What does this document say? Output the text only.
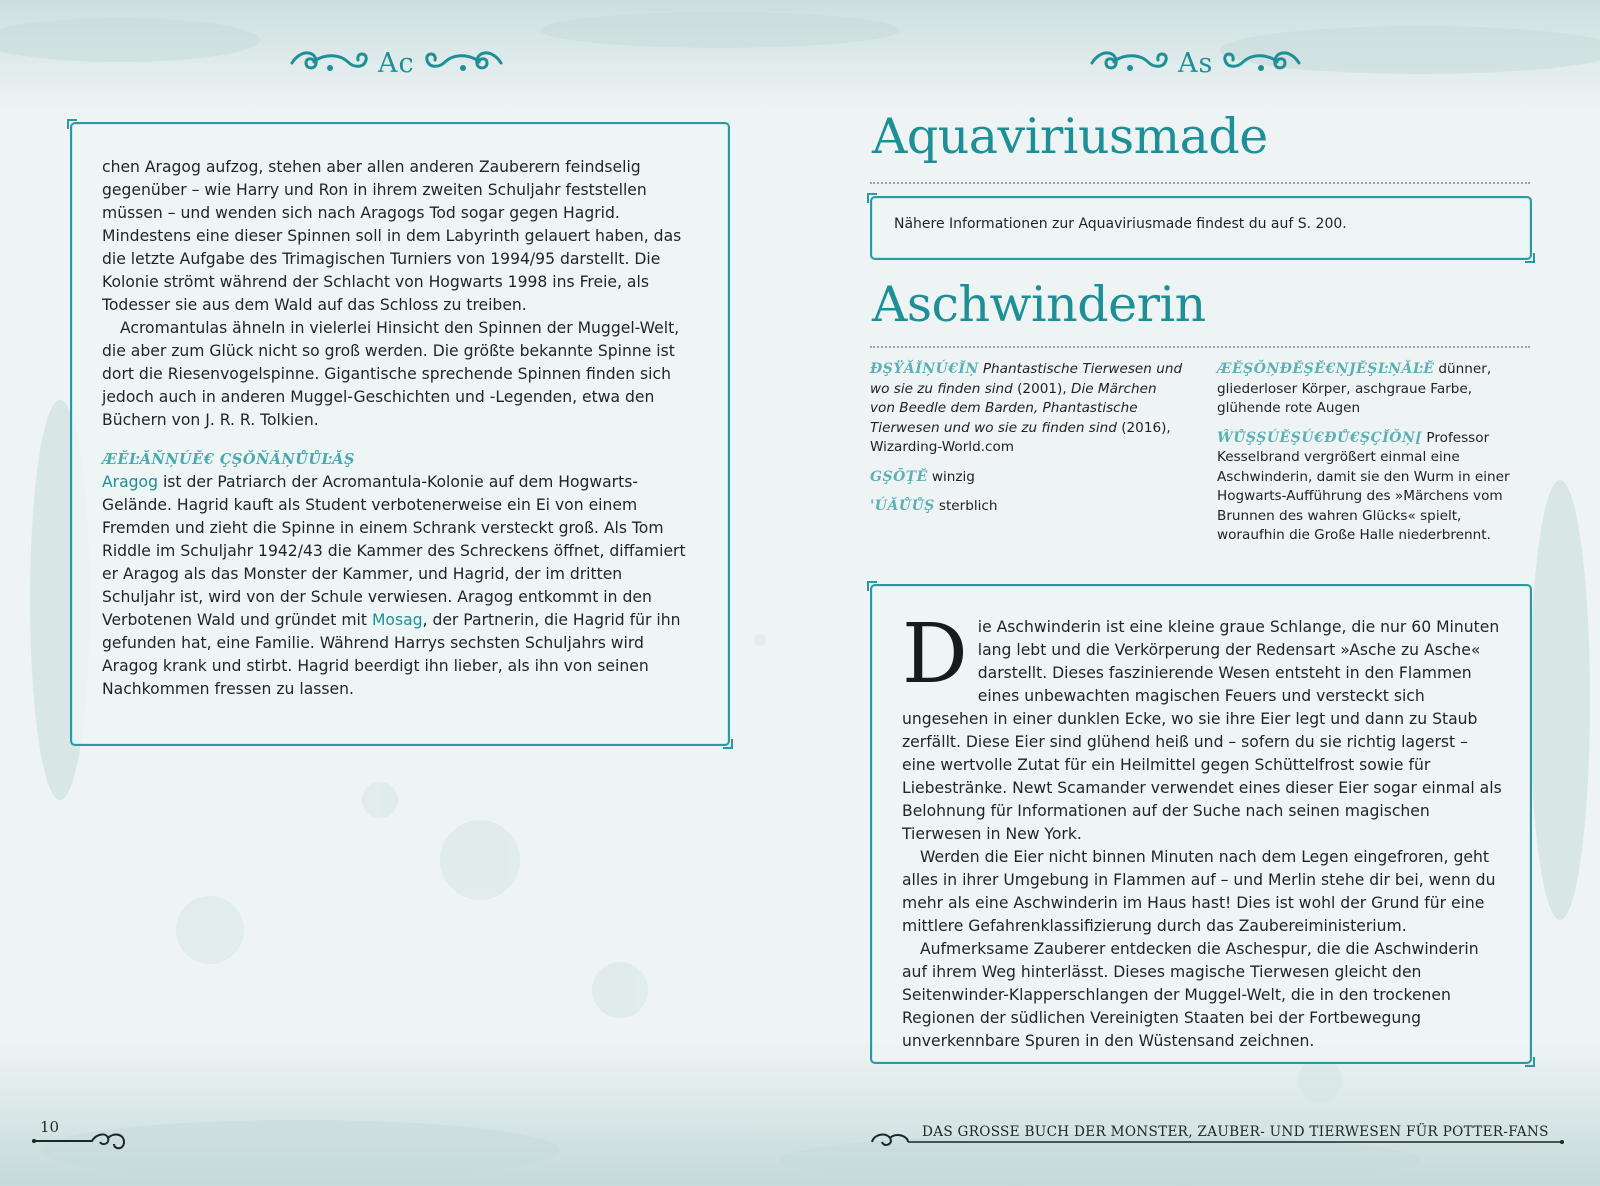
Ac

chen Aragog aufzog, stehen aber allen anderen Zauberern feindselig gegenüber – wie Harry und Ron in ihrem zweiten Schuljahr feststellen müssen – und wenden sich nach Aragogs Tod sogar gegen Hagrid. Mindestens eine dieser Spinnen soll in dem Labyrinth gelauert haben, das die letzte Aufgabe des Trimagischen Turniers von 1994/95 darstellt. Die Kolonie strömt während der Schlacht von Hogwarts 1998 ins Freie, als Todesser sie aus dem Wald auf das Schloss zu treiben.

Acromantulas ähneln in vielerlei Hinsicht den Spinnen der Muggel-Welt, die aber zum Glück nicht so groß werden. Die größte bekannte Spinne ist dort die Riesenvogelspinne. Gigantische sprechende Spinnen finden sich jedoch auch in anderen Muggel-Geschichten und -Legenden, etwa den Büchern von J. R. R. Tolkien.

ÆĔĿĂŇŅÚĔ€ ÇŞŎŇĂŅŮŮĿĂŞ

Aragog ist der Patriarch der Acromantula-Kolonie auf dem Hogwarts-Gelände. Hagrid kauft als Student verbotenerweise ein Ei von einem Fremden und zieht die Spinne in einem Schrank versteckt groß. Als Tom Riddle im Schuljahr 1942/43 die Kammer des Schreckens öffnet, diffamiert er Aragog als das Monster der Kammer, und Hagrid, der im dritten Schuljahr ist, wird von der Schule verwiesen. Aragog entkommt in den Verbotenen Wald und gründet mit Mosag, der Partnerin, die Hagrid für ihn gefunden hat, eine Familie. Während Harrys sechsten Schuljahrs wird Aragog krank und stirbt. Hagrid beerdigt ihn lieber, als ihn von seinen Nachkommen fressen zu lassen.

10
As
Aquaviriusmade
Nähere Informationen zur Aquaviriusmade findest du auf S. 200.
Aschwinderin
ĐŞŸĂĬŅÚ€ĬŅ Phantastische Tierwesen und wo sie zu finden sind (2001), Die Märchen von Beedle dem Barden, Phantastische Tierwesen und wo sie zu finden sind (2016), Wizarding-World.com
GŞŌŢĔ winzig
'ÚĂŮŮŞ sterblich
ÆĔŞŎŅĐĔŞĔ€ŅJĔŞĿŅĂĿĔ dünner, gliederloser Körper, aschgraue Farbe, glühende rote Augen
ŴŮŞŞÚĔŞÚ€ĐŮ€ŞÇĬŎŅ[ Professor Kesselbrand vergrößert einmal eine Aschwinderin, damit sie den Wurm in einer Hogwarts-Aufführung des »Märchens vom Brunnen des wahren Glücks« spielt, woraufhin die Große Halle niederbrennt.

Die Aschwinderin ist eine kleine graue Schlange, die nur 60 Minuten lang lebt und die Verkörperung der Redensart »Asche zu Asche« darstellt. Dieses faszinierende Wesen entsteht in den Flammen eines unbewachten magischen Feuers und versteckt sich ungesehen in einer dunklen Ecke, wo sie ihre Eier legt und dann zu Staub zerfällt. Diese Eier sind glühend heiß und – sofern du sie richtig lagerst – eine wertvolle Zutat für ein Heilmittel gegen Schüttelfrost sowie für Liebestränke. Newt Scamander verwendet eines dieser Eier sogar einmal als Belohnung für Informationen auf der Suche nach seinen magischen Tierwesen in New York.

Werden die Eier nicht binnen Minuten nach dem Legen eingefroren, geht alles in ihrer Umgebung in Flammen auf – und Merlin stehe dir bei, wenn du mehr als eine Aschwinderin im Haus hast! Dies ist wohl der Grund für eine mittlere Gefahrenklassifizierung durch das Zaubereiministerium.

Aufmerksame Zauberer entdecken die Aschespur, die die Aschwinderin auf ihrem Weg hinterlässt. Dieses magische Tierwesen gleicht den Seitenwinder-Klapperschlangen der Muggel-Welt, die in den trockenen Regionen der südlichen Vereinigten Staaten bei der Fortbewegung unverkennbare Spuren in den Wüstensand zeichnen.

DAS GROSSE BUCH DER MONSTER, ZAUBER- UND TIERWESEN FÜR POTTER-FANS
